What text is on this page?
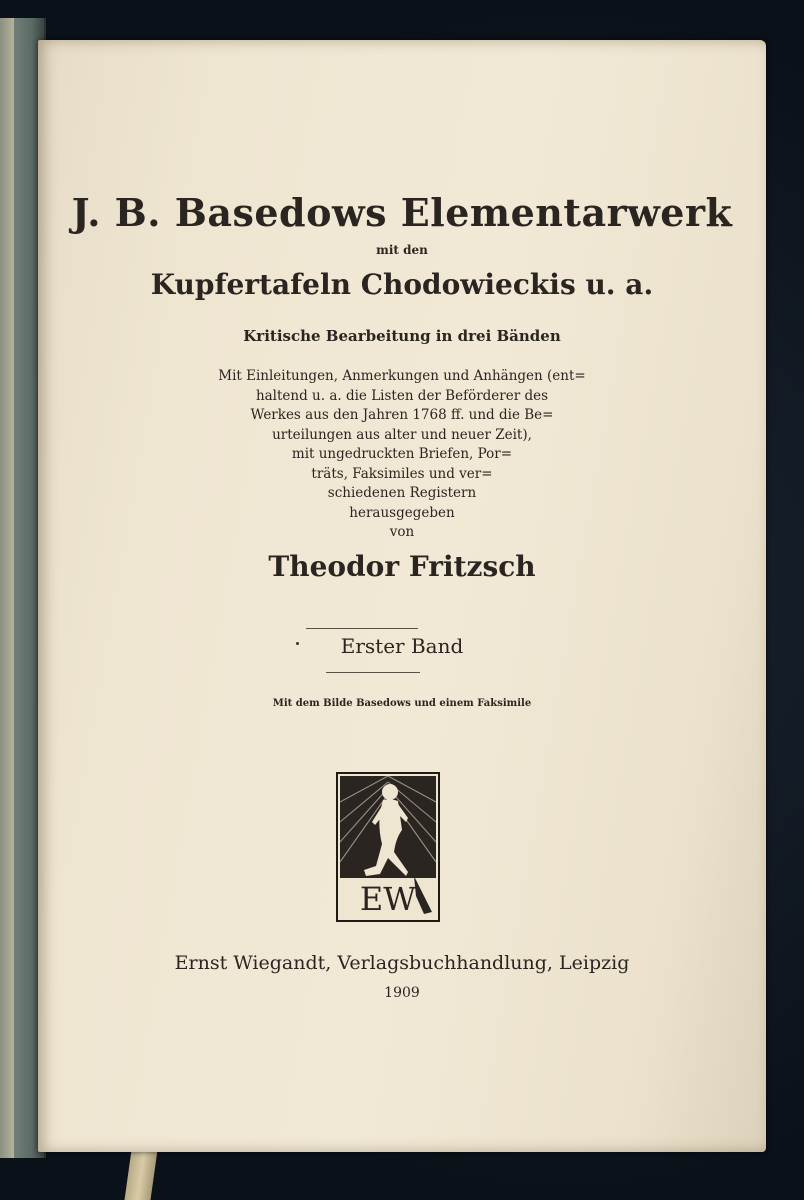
J. B. Basedows Elementarwerk
mit den
Kupfertafeln Chodowieckis u. a.
Kritische Bearbeitung in drei Bänden
Mit Einleitungen, Anmerkungen und Anhängen (ent=
haltend u. a. die Listen der Beförderer des
Werkes aus den Jahren 1768 ff. und die Be=
urteilungen aus alter und neuer Zeit),
mit ungedruckten Briefen, Por=
träts, Faksimiles und ver=
schiedenen Registern
herausgegeben
von
Theodor Fritzsch
Erster Band
Mit dem Bilde Basedows und einem Faksimile
EW
Ernst Wiegandt, Verlagsbuchhandlung, Leipzig
1909
